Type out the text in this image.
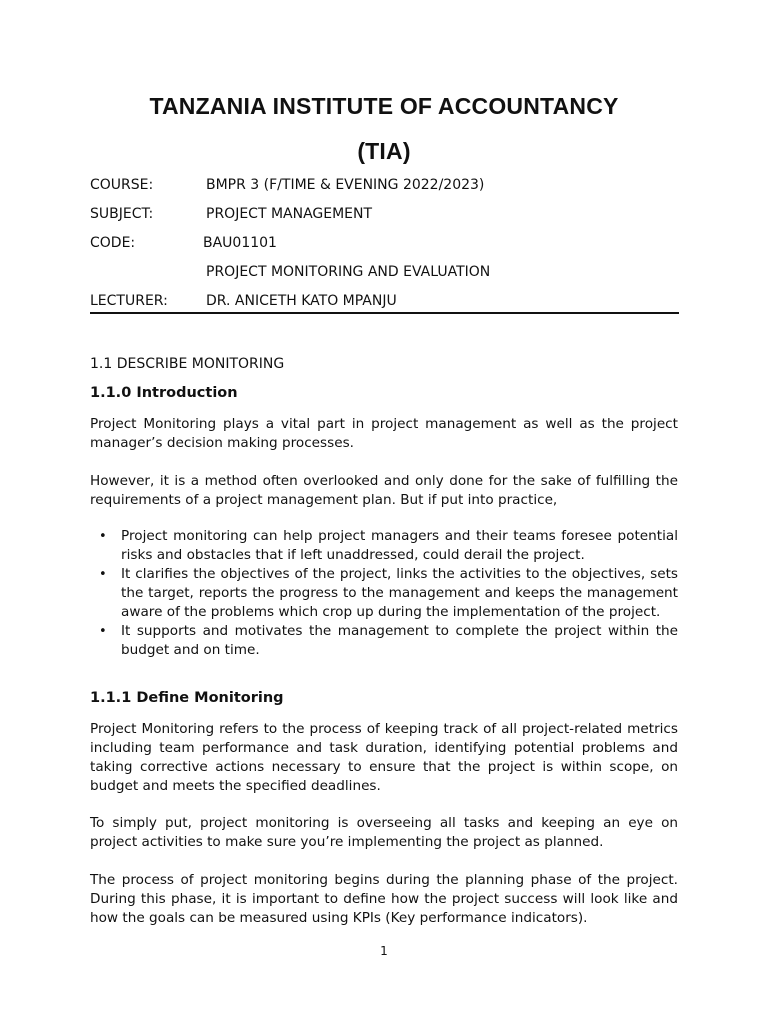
TANZANIA INSTITUTE OF ACCOUNTANCY
(TIA)
COURSE:	BMPR 3 (F/TIME & EVENING 2022/2023)
SUBJECT:	PROJECT MANAGEMENT
CODE:	BAU01101
PROJECT MONITORING AND EVALUATION
LECTURER:	DR. ANICETH KATO MPANJU
1.1 DESCRIBE MONITORING
1.1.0 Introduction

Project Monitoring plays a vital part in project management as well as the project manager’s decision making processes.

However, it is a method often overlooked and only done for the sake of fulfilling the requirements of a project management plan. But if put into practice,

• Project monitoring can help project managers and their teams foresee potential risks and obstacles that if left unaddressed, could derail the project.
• It clarifies the objectives of the project, links the activities to the objectives, sets the target, reports the progress to the management and keeps the management aware of the problems which crop up during the implementation of the project.
• It supports and motivates the management to complete the project within the budget and on time.
1.1.1 Define Monitoring

Project Monitoring refers to the process of keeping track of all project-related metrics including team performance and task duration, identifying potential problems and taking corrective actions necessary to ensure that the project is within scope, on budget and meets the specified deadlines.

To simply put, project monitoring is overseeing all tasks and keeping an eye on project activities to make sure you’re implementing the project as planned.

The process of project monitoring begins during the planning phase of the project. During this phase, it is important to define how the project success will look like and how the goals can be measured using KPIs (Key performance indicators).

1
